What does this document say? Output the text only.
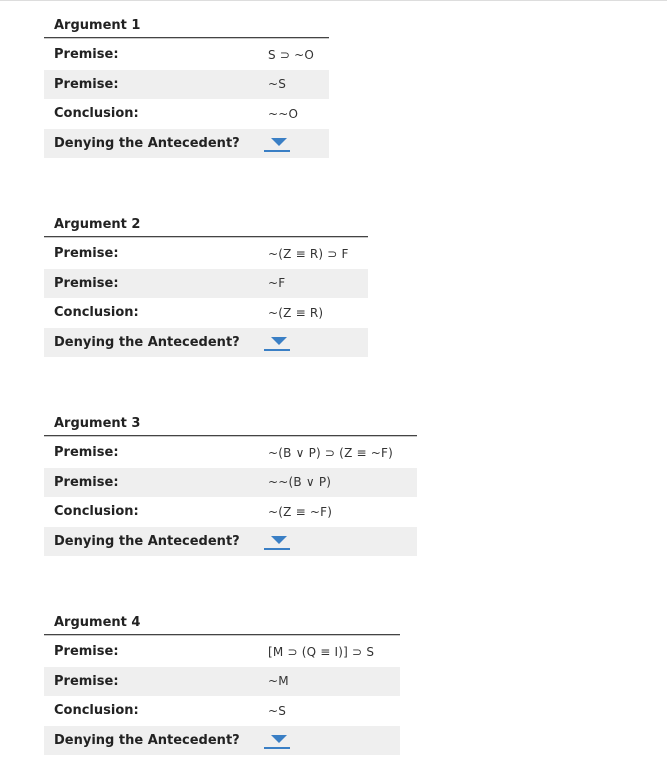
Argument 1
Premise:	S ⊃ ~O
Premise:	~S
Conclusion:	~~O
Denying the Antecedent?
Argument 2
Premise:	~(Z ≡ R) ⊃ F
Premise:	~F
Conclusion:	~(Z ≡ R)
Denying the Antecedent?
Argument 3
Premise:	~(B ∨ P) ⊃ (Z ≡ ~F)
Premise:	~~(B ∨ P)
Conclusion:	~(Z ≡ ~F)
Denying the Antecedent?
Argument 4
Premise:	[M ⊃ (Q ≡ I)] ⊃ S
Premise:	~M
Conclusion:	~S
Denying the Antecedent?
